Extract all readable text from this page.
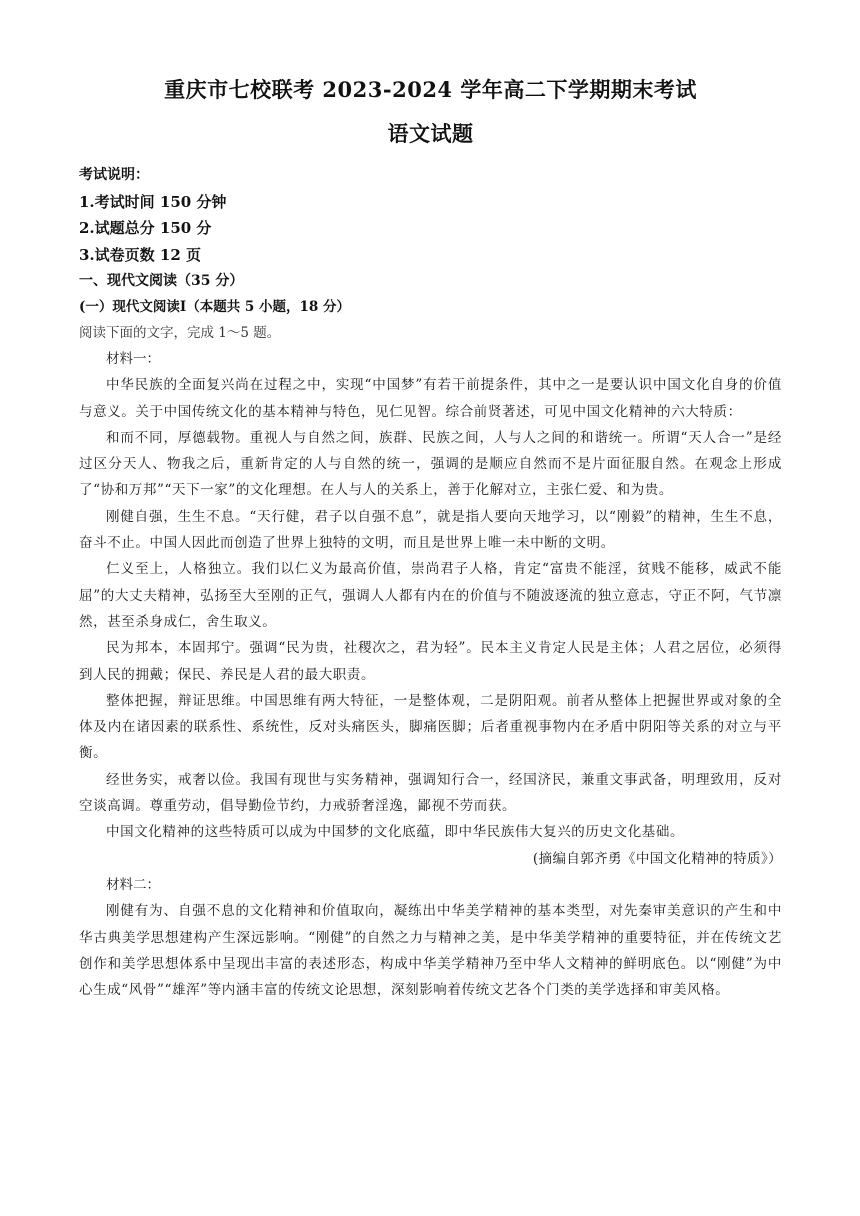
重庆市七校联考 2023-2024 学年高二下学期期末考试
语文试题
考试说明：
1.考试时间 150 分钟
2.试题总分 150 分
3.试卷页数 12 页
一、现代文阅读（35 分）
(一）现代文阅读Ⅰ（本题共 5 小题，18 分）
阅读下面的文字，完成 1～5 题。

材料一：

中华民族的全面复兴尚在过程之中，实现“中国梦”有若干前提条件，其中之一是要认识中国文化自身的价值与意义。关于中国传统文化的基本精神与特色，见仁见智。综合前贤著述，可见中国文化精神的六大特质：

和而不同，厚德载物。重视人与自然之间，族群、民族之间，人与人之间的和谐统一。所谓“天人合一”是经过区分天人、物我之后，重新肯定的人与自然的统一，强调的是顺应自然而不是片面征服自然。在观念上形成了“协和万邦”“天下一家”的文化理想。在人与人的关系上，善于化解对立，主张仁爱、和为贵。

刚健自强，生生不息。“天行健，君子以自强不息”，就是指人要向天地学习，以“刚毅”的精神，生生不息，奋斗不止。中国人因此而创造了世界上独特的文明，而且是世界上唯一未中断的文明。

仁义至上，人格独立。我们以仁义为最高价值，崇尚君子人格，肯定“富贵不能淫，贫贱不能移，威武不能屈”的大丈夫精神，弘扬至大至刚的正气，强调人人都有内在的价值与不随波逐流的独立意志，守正不阿，气节凛然，甚至杀身成仁，舍生取义。

民为邦本，本固邦宁。强调“民为贵，社稷次之，君为轻”。民本主义肯定人民是主体；人君之居位，必须得到人民的拥戴；保民、养民是人君的最大职责。

整体把握，辩证思维。中国思维有两大特征，一是整体观，二是阴阳观。前者从整体上把握世界或对象的全体及内在诸因素的联系性、系统性，反对头痛医头，脚痛医脚；后者重视事物内在矛盾中阴阳等关系的对立与平衡。

经世务实，戒奢以俭。我国有现世与实务精神，强调知行合一，经国济民，兼重文事武备，明理致用，反对空谈高调。尊重劳动，倡导勤俭节约，力戒骄奢淫逸，鄙视不劳而获。

中国文化精神的这些特质可以成为中国梦的文化底蕴，即中华民族伟大复兴的历史文化基础。

(摘编自郭齐勇《中国文化精神的特质》）

材料二：

刚健有为、自强不息的文化精神和价值取向，凝练出中华美学精神的基本类型，对先秦审美意识的产生和中华古典美学思想建构产生深远影响。“刚健”的自然之力与精神之美，是中华美学精神的重要特征，并在传统文艺创作和美学思想体系中呈现出丰富的表述形态，构成中华美学精神乃至中华人文精神的鲜明底色。以“刚健”为中心生成“风骨”“雄浑”等内涵丰富的传统文论思想，深刻影响着传统文艺各个门类的美学选择和审美风格。
